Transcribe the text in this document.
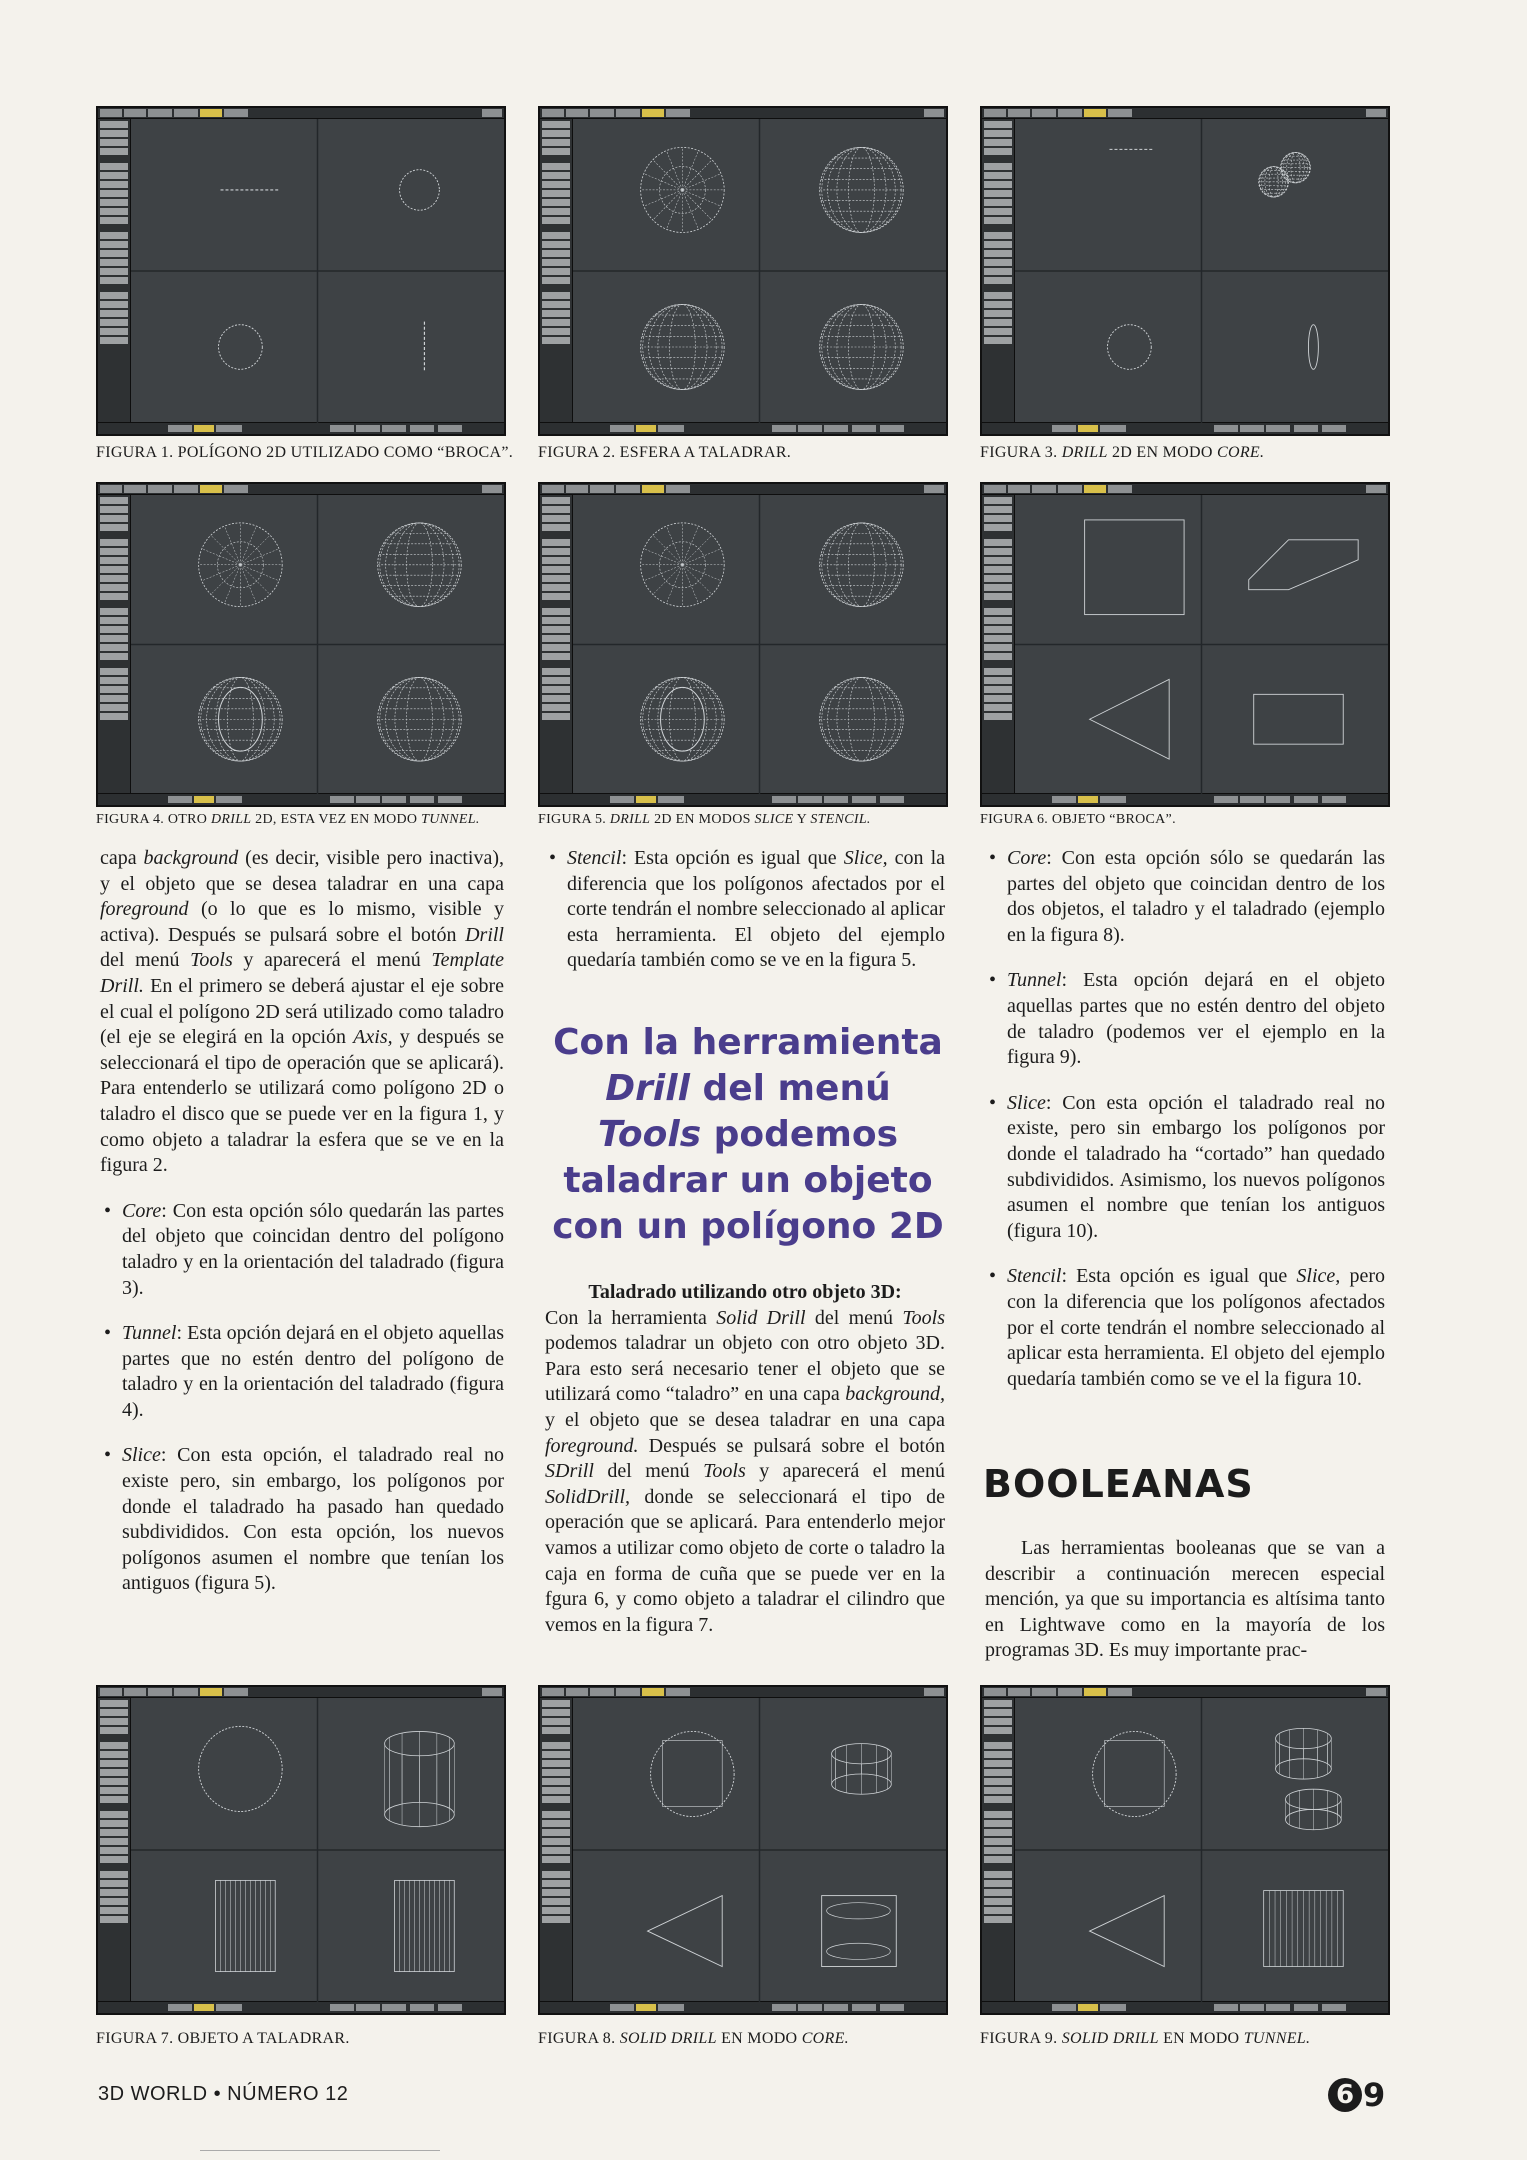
FIGURA 1. POLÍGONO 2D UTILIZADO COMO “BROCA”. FIGURA 2. ESFERA A TALADRAR.	FIGURA 3. DRILL 2D EN MODO CORE.
FIGURA 4. OTRO DRILL 2D, ESTA VEZ EN MODO TUNNEL.	FIGURA 5. DRILL 2D EN MODOS SLICE Y STENCIL.	FIGURA 6. OBJETO “BROCA”.

capa background (es decir, visible pero inactiva), y el objeto que se desea taladrar en una capa foreground (o lo que es lo mismo, visible y activa). Después se pulsará sobre el botón Drill del menú Tools y aparecerá el menú Template Drill. En el primero se deberá ajustar el eje sobre el cual el polígono 2D será utilizado como taladro (el eje se elegirá en la opción Axis, y después se seleccionará el tipo de operación que se aplicará). Para entenderlo se utilizará como polígono 2D o taladro el disco que se puede ver en la figura 1, y como objeto a taladrar la esfera que se ve en la figura 2.

• Core: Con esta opción sólo quedarán las partes del objeto que coincidan dentro del polígono taladro y en la orientación del taladrado (figura 3).
• Tunnel: Esta opción dejará en el objeto aquellas partes que no estén dentro del polígono de taladro y en la orientación del taladrado (figura 4).
• Slice: Con esta opción, el taladrado real no existe pero, sin embargo, los polígonos por donde el taladrado ha pasado han quedado subdivididos. Con esta opción, los nuevos polígonos asumen el nombre que tenían los antiguos (figura 5).
• Stencil: Esta opción es igual que Slice, con la diferencia que los polígonos afectados por el corte tendrán el nombre seleccionado al aplicar esta herramienta. El objeto del ejemplo quedaría también como se ve en la figura 5.
Con la herramienta Drill del menú Tools podemos taladrar un objeto con un polígono 2D
Taladrado utilizando otro objeto 3D:

Con la herramienta Solid Drill del menú Tools podemos taladrar un objeto con otro objeto 3D. Para esto será necesario tener el objeto que se utilizará como “taladro” en una capa background, y el objeto que se desea taladrar en una capa foreground. Después se pulsará sobre el botón SDrill del menú Tools y aparecerá el menú SolidDrill, donde se seleccionará el tipo de operación que se aplicará. Para entenderlo mejor vamos a utilizar como objeto de corte o taladro la caja en forma de cuña que se puede ver en la fgura 6, y como objeto a taladrar el cilindro que vemos en la figura 7.

• Core: Con esta opción sólo se quedarán las partes del objeto que coincidan dentro de los dos objetos, el taladro y el taladrado (ejemplo en la figura 8).
• Tunnel: Esta opción dejará en el objeto aquellas partes que no estén dentro del objeto de taladro (podemos ver el ejemplo en la figura 9).
• Slice: Con esta opción el taladrado real no existe, pero sin embargo los polígonos por donde el taladrado ha “cortado” han quedado subdivididos. Asimismo, los nuevos polígonos asumen el nombre que tenían los antiguos (figura 10).
• Stencil: Esta opción es igual que Slice, pero con la diferencia que los polígonos afectados por el corte tendrán el nombre seleccionado al aplicar esta herramienta. El objeto del ejemplo quedaría también como se ve el la figura 10.
BOOLEANAS

Las herramientas booleanas que se van a describir a continuación merecen especial mención, ya que su importancia es altísima tanto en Lightwave como en la mayoría de los programas 3D. Es muy importante prac-

FIGURA 7. OBJETO A TALADRAR.	FIGURA 8. SOLID DRILL EN MODO CORE.	FIGURA 9. SOLID DRILL EN MODO TUNNEL.
3D WORLD • NÚMERO 12	6 9
